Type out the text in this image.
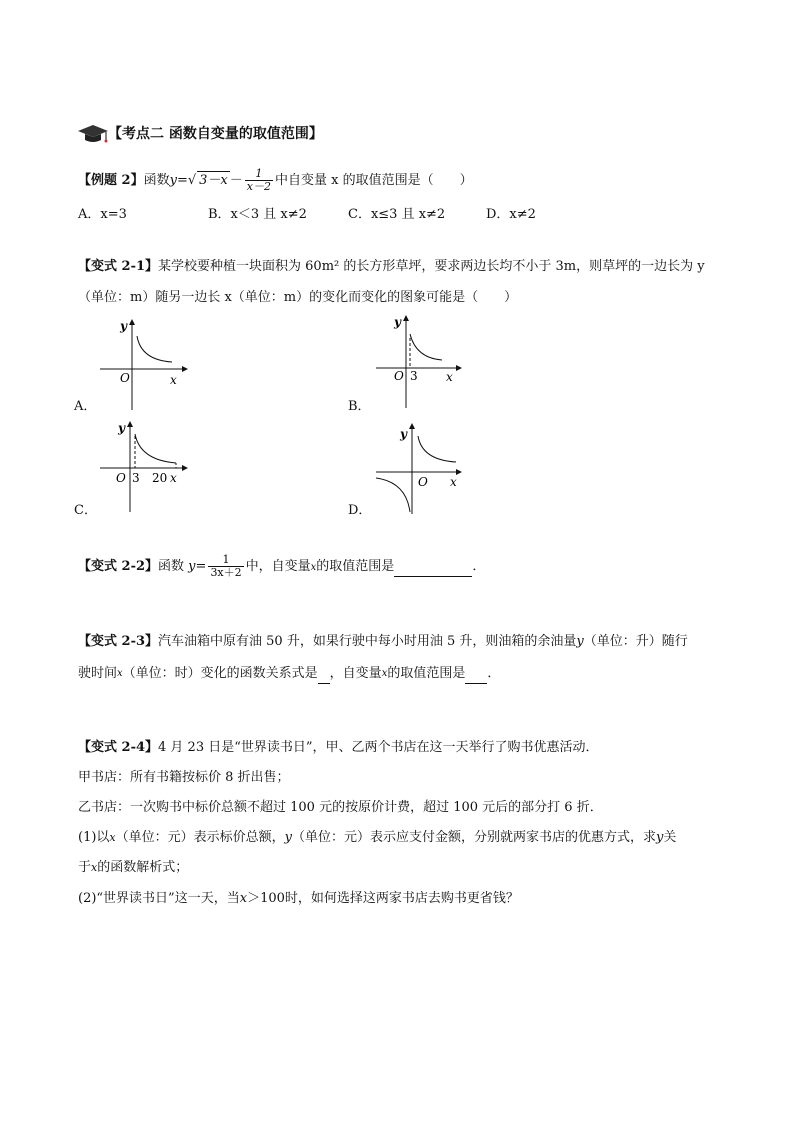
【考点二 函数自变量的取值范围】
【例题 2】函数y=√ $3-x - \frac{1}{x-2}$ 中自变量 x 的取值范围是（　　）
A．x=3	B．x＜3 且 x≠2	C．x≤3 且 x≠2	D．x≠2
【变式 2-1】某学校要种植一块面积为 60m² 的长方形草坪，要求两边长均不小于 3m，则草坪的一边长为 y
（单位：m）随另一边长 x（单位：m）的变化而变化的图象可能是（　　）
y
x
O
A．
y
x
O 3
B．
y
O 3 20 x
C．
y
O x
D．
【变式 2-2】函数 $y= \frac{1}{3x+2}$ 中，自变量x的取值范围是	．
【变式 2-3】汽车油箱中原有油 50 升，如果行驶中每小时用油 5 升，则油箱的余油量y（单位：升）随行
驶时间$^x$（单位：时）变化的函数关系式是 ，自变量$^x$的取值范围是 ．
【变式 2-4】4 月 23 日是“世界读书日”，甲、乙两个书店在这一天举行了购书优惠活动．
甲书店：所有书籍按标价 8 折出售；
乙书店：一次购书中标价总额不超过 100 元的按原价计费，超过 100 元后的部分打 6 折．
(1)以$^x$（单位：元）表示标价总额，y（单位：元）表示应支付金额，分别就两家书店的优惠方式，求y关
于$^x$的函数解析式；
(2)“世界读书日”这一天，当x＞100时，如何选择这两家书店去购书更省钱？
